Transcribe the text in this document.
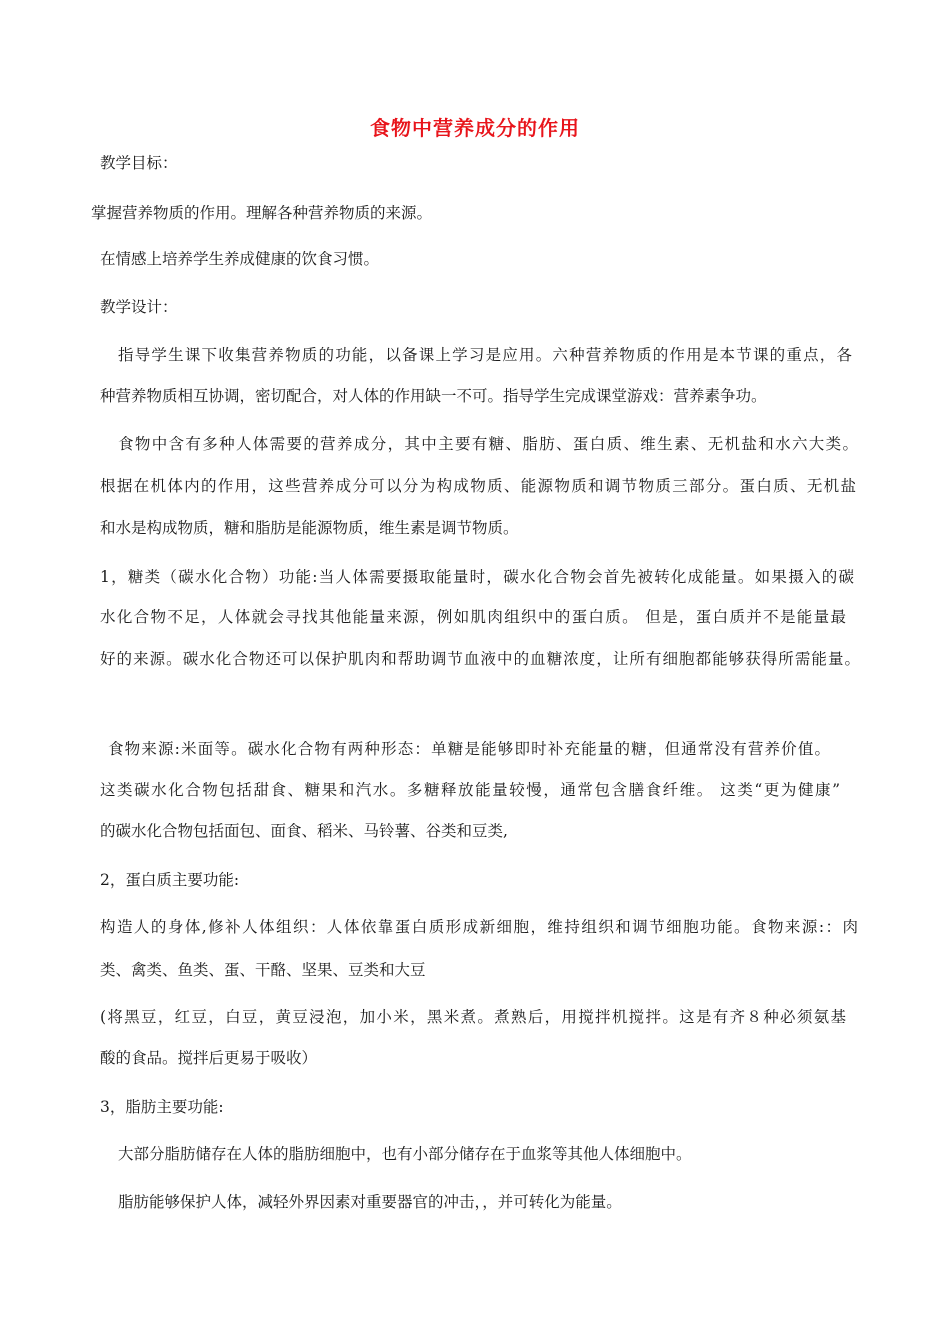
食物中营养成分的作用
教学目标：
掌握营养物质的作用。理解各种营养物质的来源。
在情感上培养学生养成健康的饮食习惯。
教学设计：
指导学生课下收集营养物质的功能，以备课上学习是应用。六种营养物质的作用是本节课的重点，各
种营养物质相互协调，密切配合，对人体的作用缺一不可。指导学生完成课堂游戏：营养素争功。
食物中含有多种人体需要的营养成分，其中主要有糖、脂肪、蛋白质、维生素、无机盐和水六大类。
根据在机体内的作用，这些营养成分可以分为构成物质、能源物质和调节物质三部分。蛋白质、无机盐
和水是构成物质，糖和脂肪是能源物质，维生素是调节物质。
1，糖类（碳水化合物）功能:当人体需要摄取能量时，碳水化合物会首先被转化成能量。如果摄入的碳
水化合物不足，人体就会寻找其他能量来源，例如肌肉组织中的蛋白质。 但是，蛋白质并不是能量最
好的来源。碳水化合物还可以保护肌肉和帮助调节血液中的血糖浓度，让所有细胞都能够获得所需能量。
食物来源:米面等。碳水化合物有两种形态：单糖是能够即时补充能量的糖，但通常没有营养价值。
这类碳水化合物包括甜食、糖果和汽水。多糖释放能量较慢，通常包含膳食纤维。 这类“更为健康”
的碳水化合物包括面包、面食、稻米、马铃薯、谷类和豆类,
2，蛋白质主要功能:
构造人的身体,修补人体组织：人体依靠蛋白质形成新细胞，维持组织和调节细胞功能。食物来源:：肉
类、禽类、鱼类、蛋、干酪、坚果、豆类和大豆
(将黑豆，红豆，白豆，黄豆浸泡，加小米，黑米煮。煮熟后，用搅拌机搅拌。这是有齐８种必须氨基
酸的食品。搅拌后更易于吸收）
3，脂肪主要功能:
大部分脂肪储存在人体的脂肪细胞中，也有小部分储存在于血浆等其他人体细胞中。
脂肪能够保护人体，减轻外界因素对重要器官的冲击，，并可转化为能量。
